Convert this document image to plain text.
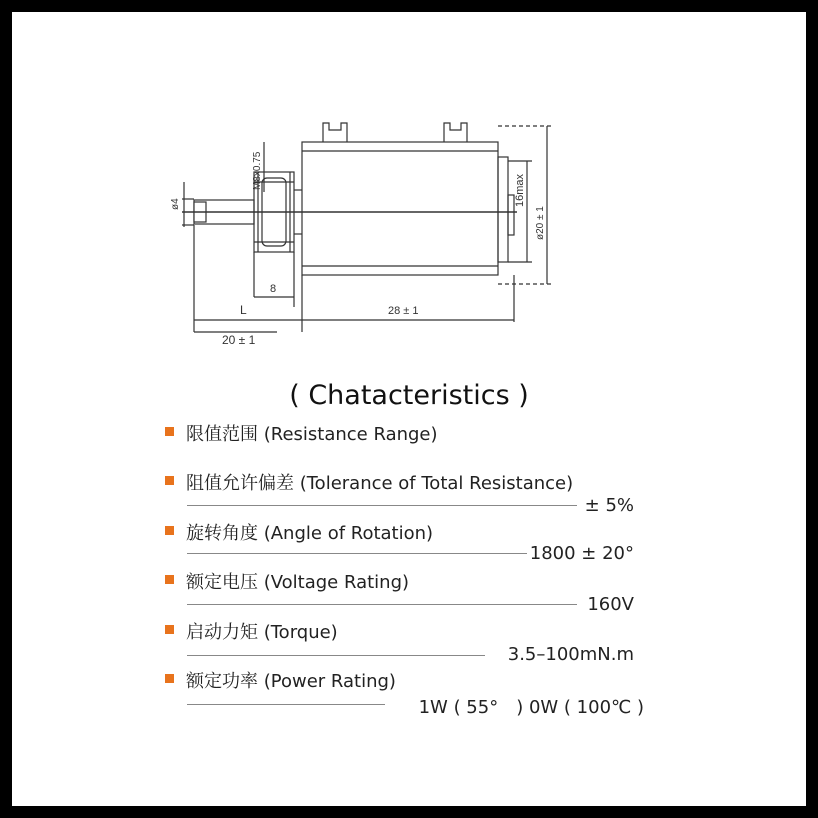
ø4
M8x0.75
16max
ø20 ± 1
8
L	28 ± 1
20 ± 1
( Chatacteristics )
限值范围 (Resistance Range)
阻值允许偏差 (Tolerance of Total Resistance)
± 5%
旋转角度 (Angle of Rotation)
1800 ± 20°
额定电压 (Voltage Rating)
160V
启动力矩 (Torque)
3.5–100mN.m
额定功率 (Power Rating)
1W ( 55°　) 0W ( 100℃ )
